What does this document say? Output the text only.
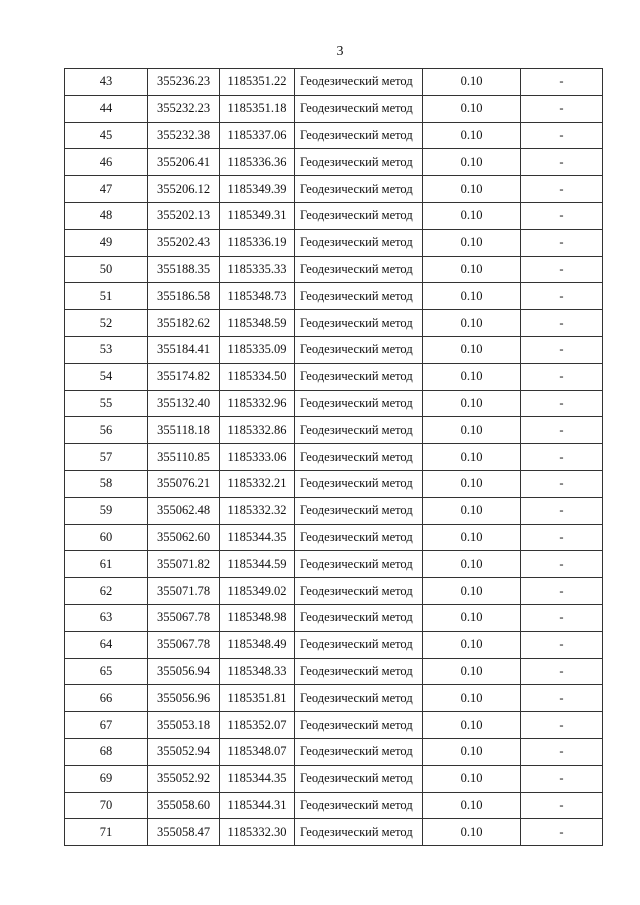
3
43	355236.23	1185351.22	Геодезический метод	0.10	-
44	355232.23	1185351.18	Геодезический метод	0.10	-
45	355232.38	1185337.06	Геодезический метод	0.10	-
46	355206.41	1185336.36	Геодезический метод	0.10	-
47	355206.12	1185349.39	Геодезический метод	0.10	-
48	355202.13	1185349.31	Геодезический метод	0.10	-
49	355202.43	1185336.19	Геодезический метод	0.10	-
50	355188.35	1185335.33	Геодезический метод	0.10	-
51	355186.58	1185348.73	Геодезический метод	0.10	-
52	355182.62	1185348.59	Геодезический метод	0.10	-
53	355184.41	1185335.09	Геодезический метод	0.10	-
54	355174.82	1185334.50	Геодезический метод	0.10	-
55	355132.40	1185332.96	Геодезический метод	0.10	-
56	355118.18	1185332.86	Геодезический метод	0.10	-
57	355110.85	1185333.06	Геодезический метод	0.10	-
58	355076.21	1185332.21	Геодезический метод	0.10	-
59	355062.48	1185332.32	Геодезический метод	0.10	-
60	355062.60	1185344.35	Геодезический метод	0.10	-
61	355071.82	1185344.59	Геодезический метод	0.10	-
62	355071.78	1185349.02	Геодезический метод	0.10	-
63	355067.78	1185348.98	Геодезический метод	0.10	-
64	355067.78	1185348.49	Геодезический метод	0.10	-
65	355056.94	1185348.33	Геодезический метод	0.10	-
66	355056.96	1185351.81	Геодезический метод	0.10	-
67	355053.18	1185352.07	Геодезический метод	0.10	-
68	355052.94	1185348.07	Геодезический метод	0.10	-
69	355052.92	1185344.35	Геодезический метод	0.10	-
70	355058.60	1185344.31	Геодезический метод	0.10	-
71	355058.47	1185332.30	Геодезический метод	0.10	-
